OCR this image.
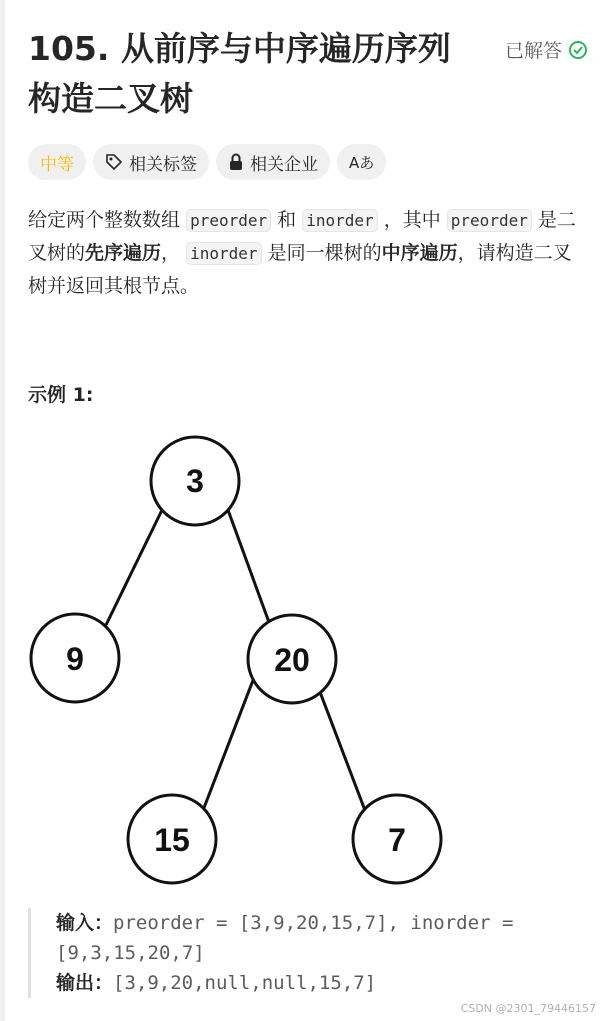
105. 从前序与中序遍历序列构造二叉树
已解答
中等	相关标签	相关企业 Aあ

给定两个整数数组 preorder 和 inorder ，其中 preorder 是二叉树的先序遍历， inorder 是同一棵树的中序遍历，请构造二叉树并返回其根节点。

示例 1:
3
9	20
15	7
输入：preorder = [3,9,20,15,7], inorder = [9,3,15,20,7]
输出：[3,9,20,null,null,15,7]
CSDN @2301_79446157
